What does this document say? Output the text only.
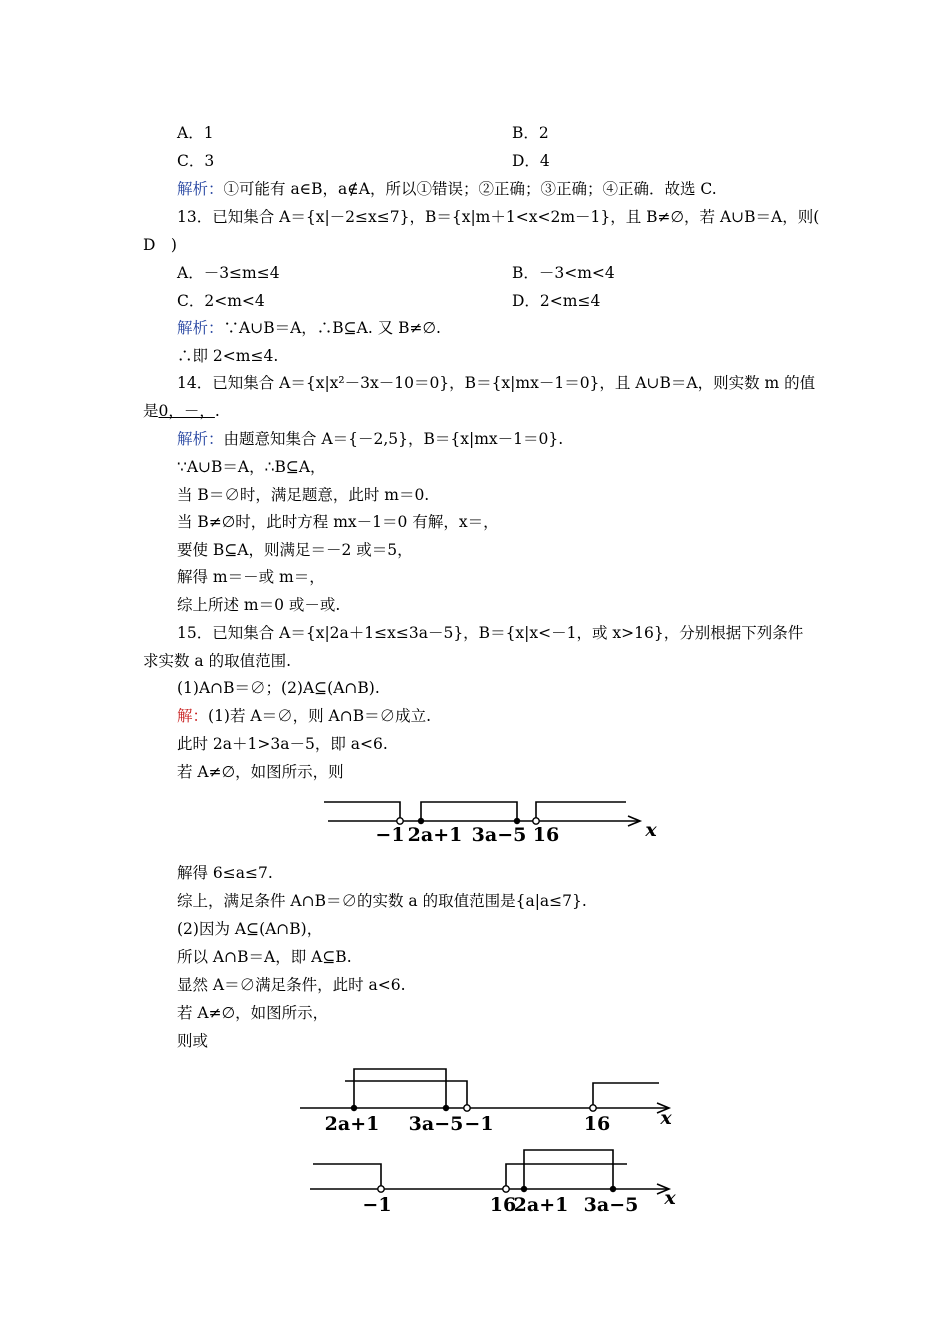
A．1	B．2
C．3	D．4
解析：①可能有 a∈B，a∉A，所以①错误；②正确；③正确；④正确．故选 C.
13．已知集合 A＝{x|－2≤x≤7}，B＝{x|m＋1<x<2m－1}，且 B≠∅，若 A∪B＝A，则(
D　)
A．－3≤m≤4	B．－3<m<4
C．2<m<4	D．2<m≤4
解析：∵A∪B＝A，∴B⊆A. 又 B≠∅.
∴即 2<m≤4.
14．已知集合 A＝{x|x²－3x－10＝0}，B＝{x|mx－1＝0}，且 A∪B＝A，则实数 m 的值
是0，－，.
解析：由题意知集合 A＝{－2,5}，B＝{x|mx－1＝0}.
∵A∪B＝A，∴B⊆A，
当 B＝∅时，满足题意，此时 m＝0.
当 B≠∅时，此时方程 mx－1＝0 有解，x＝，
要使 B⊆A，则满足＝－2 或＝5，
解得 m＝－或 m＝，
综上所述 m＝0 或－或.
15．已知集合 A＝{x|2a＋1≤x≤3a－5}，B＝{x|x<－1，或 x>16}，分别根据下列条件
求实数 a 的取值范围.
(1)A∩B＝∅；(2)A⊆(A∩B).
解：(1)若 A＝∅，则 A∩B＝∅成立.
此时 2a＋1>3a－5，即 a<6.
若 A≠∅，如图所示，则
−1 2a+1 3a−5 16	x
解得 6≤a≤7.
综上，满足条件 A∩B＝∅的实数 a 的取值范围是{a|a≤7}.
(2)因为 A⊆(A∩B)，
所以 A∩B＝A，即 A⊆B.
显然 A＝∅满足条件，此时 a<6.
若 A≠∅，如图所示，
则或
2a+1 3a−5 −1	16	x
−1	16
2a+1 3a−5 x
